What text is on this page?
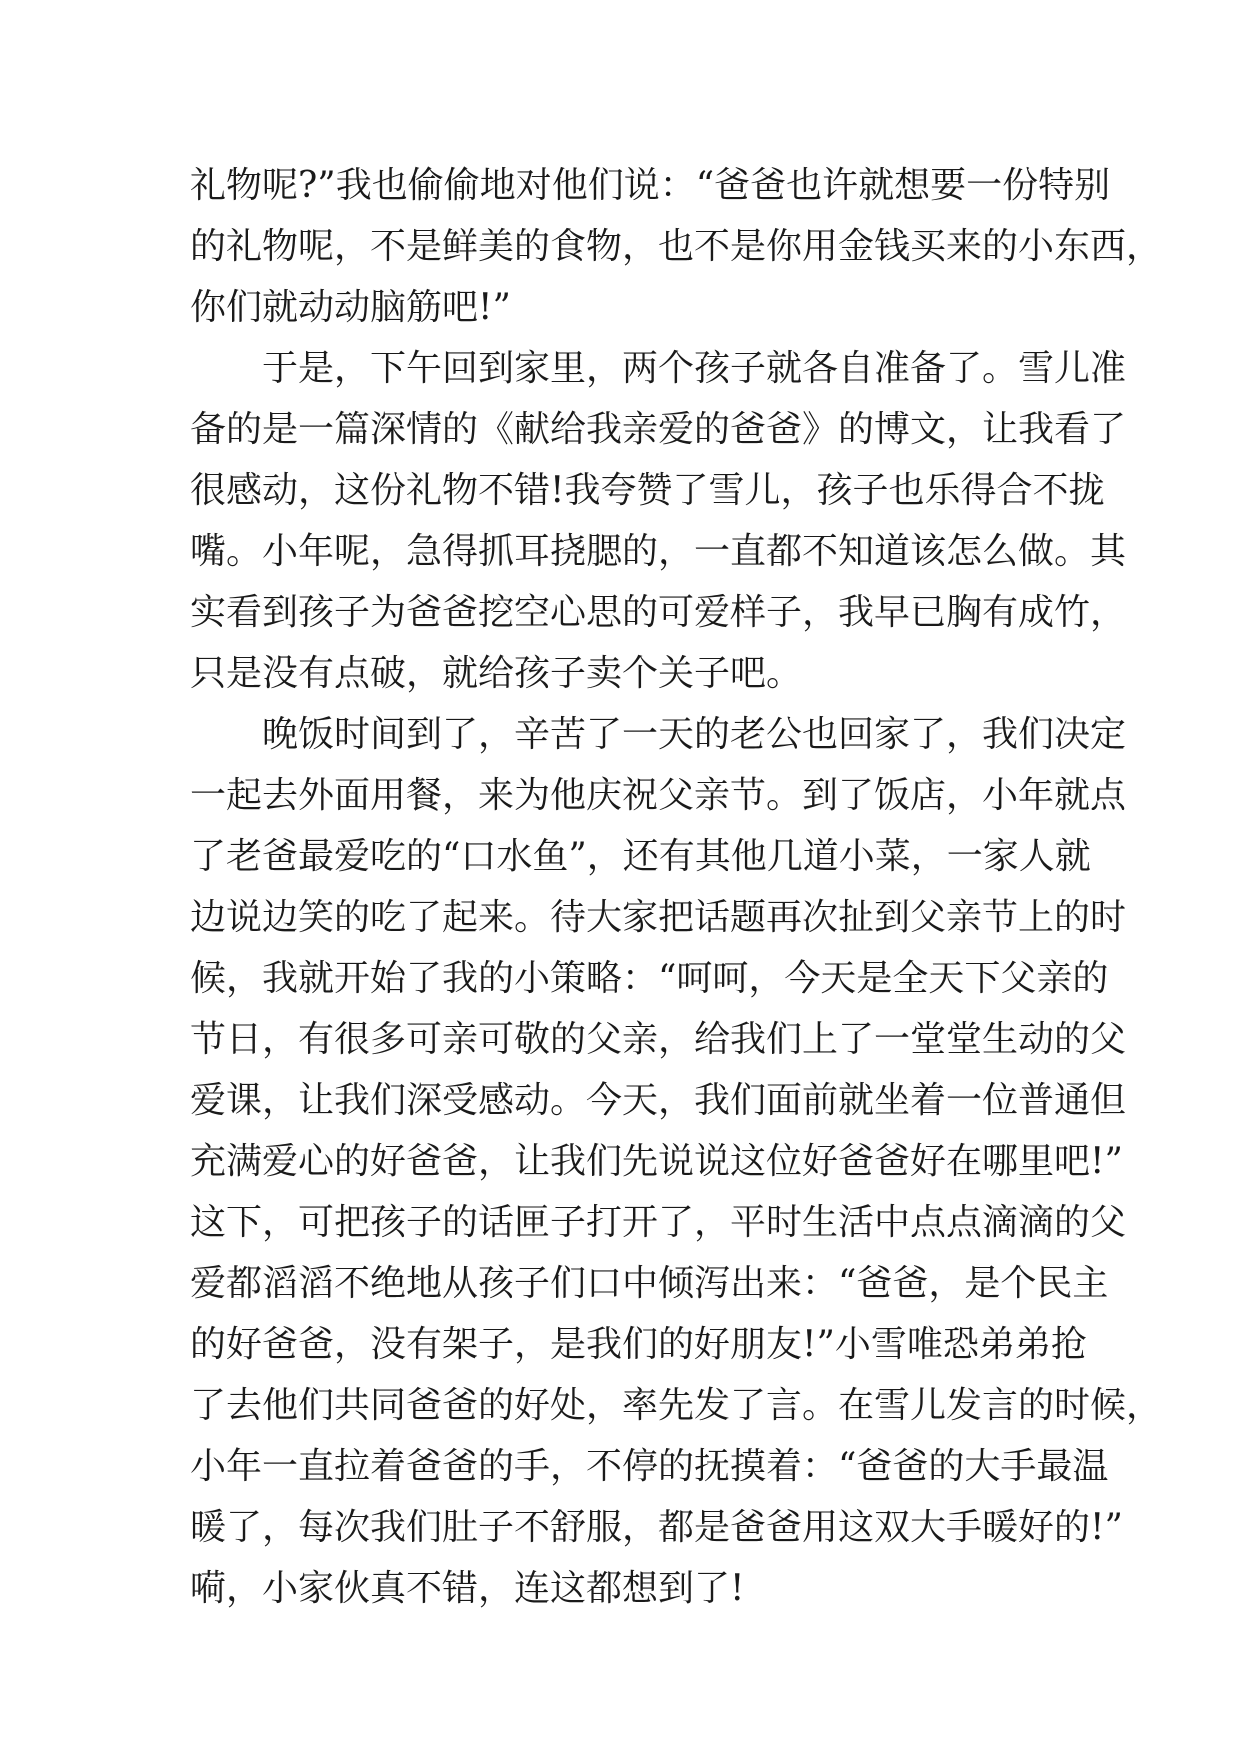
礼物呢?”我也偷偷地对他们说：“爸爸也许就想要一份特别
的礼物呢，不是鲜美的食物，也不是你用金钱买来的小东西，
你们就动动脑筋吧!”
于是，下午回到家里，两个孩子就各自准备了。雪儿准
备的是一篇深情的《献给我亲爱的爸爸》的博文，让我看了
很感动，这份礼物不错!我夸赞了雪儿，孩子也乐得合不拢
嘴。小年呢，急得抓耳挠腮的，一直都不知道该怎么做。其
实看到孩子为爸爸挖空心思的可爱样子，我早已胸有成竹，
只是没有点破，就给孩子卖个关子吧。
晚饭时间到了，辛苦了一天的老公也回家了，我们决定
一起去外面用餐，来为他庆祝父亲节。到了饭店，小年就点
了老爸最爱吃的“口水鱼”，还有其他几道小菜，一家人就
边说边笑的吃了起来。待大家把话题再次扯到父亲节上的时
候，我就开始了我的小策略：“呵呵，今天是全天下父亲的
节日，有很多可亲可敬的父亲，给我们上了一堂堂生动的父
爱课，让我们深受感动。今天，我们面前就坐着一位普通但
充满爱心的好爸爸，让我们先说说这位好爸爸好在哪里吧!”
这下，可把孩子的话匣子打开了，平时生活中点点滴滴的父
爱都滔滔不绝地从孩子们口中倾泻出来：“爸爸，是个民主
的好爸爸，没有架子，是我们的好朋友!”小雪唯恐弟弟抢
了去他们共同爸爸的好处，率先发了言。在雪儿发言的时候，
小年一直拉着爸爸的手，不停的抚摸着：“爸爸的大手最温
暖了，每次我们肚子不舒服，都是爸爸用这双大手暖好的!”
嗬，小家伙真不错，连这都想到了!
